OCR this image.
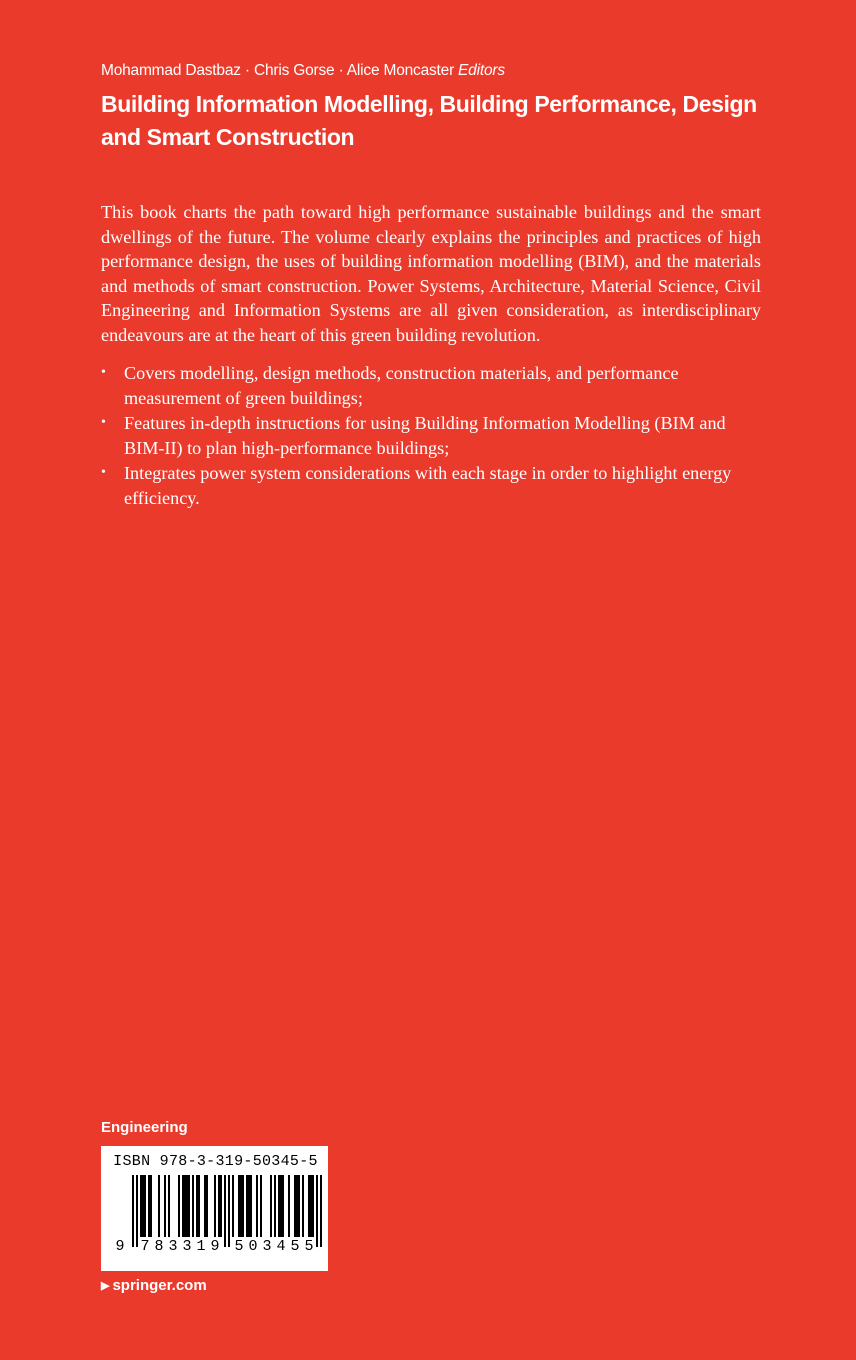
Mohammad Dastbaz · Chris Gorse · Alice Moncaster Editors
Building Information Modelling, Building Performance, Design and Smart Construction

This book charts the path toward high performance sustainable buildings and the smart dwellings of the future. The volume clearly explains the principles and practices of high performance design, the uses of building information modelling (BIM), and the materials and methods of smart construction. Power Systems, Architecture, Material Science, Civil Engineering and Information Systems are all given consideration, as interdisciplinary endeavours are at the heart of this green building revolution.

• Covers modelling, design methods, construction materials, and performance measurement of green buildings;
• Features in-depth instructions for using Building Information Modelling (BIM and BIM-II) to plan high-performance buildings;
• Integrates power system considerations with each stage in order to highlight energy efficiency.
Engineering
ISBN 978-3-319-50345-5
9 7 8 3 3 1 9 5 0 3 4 5 5
▶ springer.com
